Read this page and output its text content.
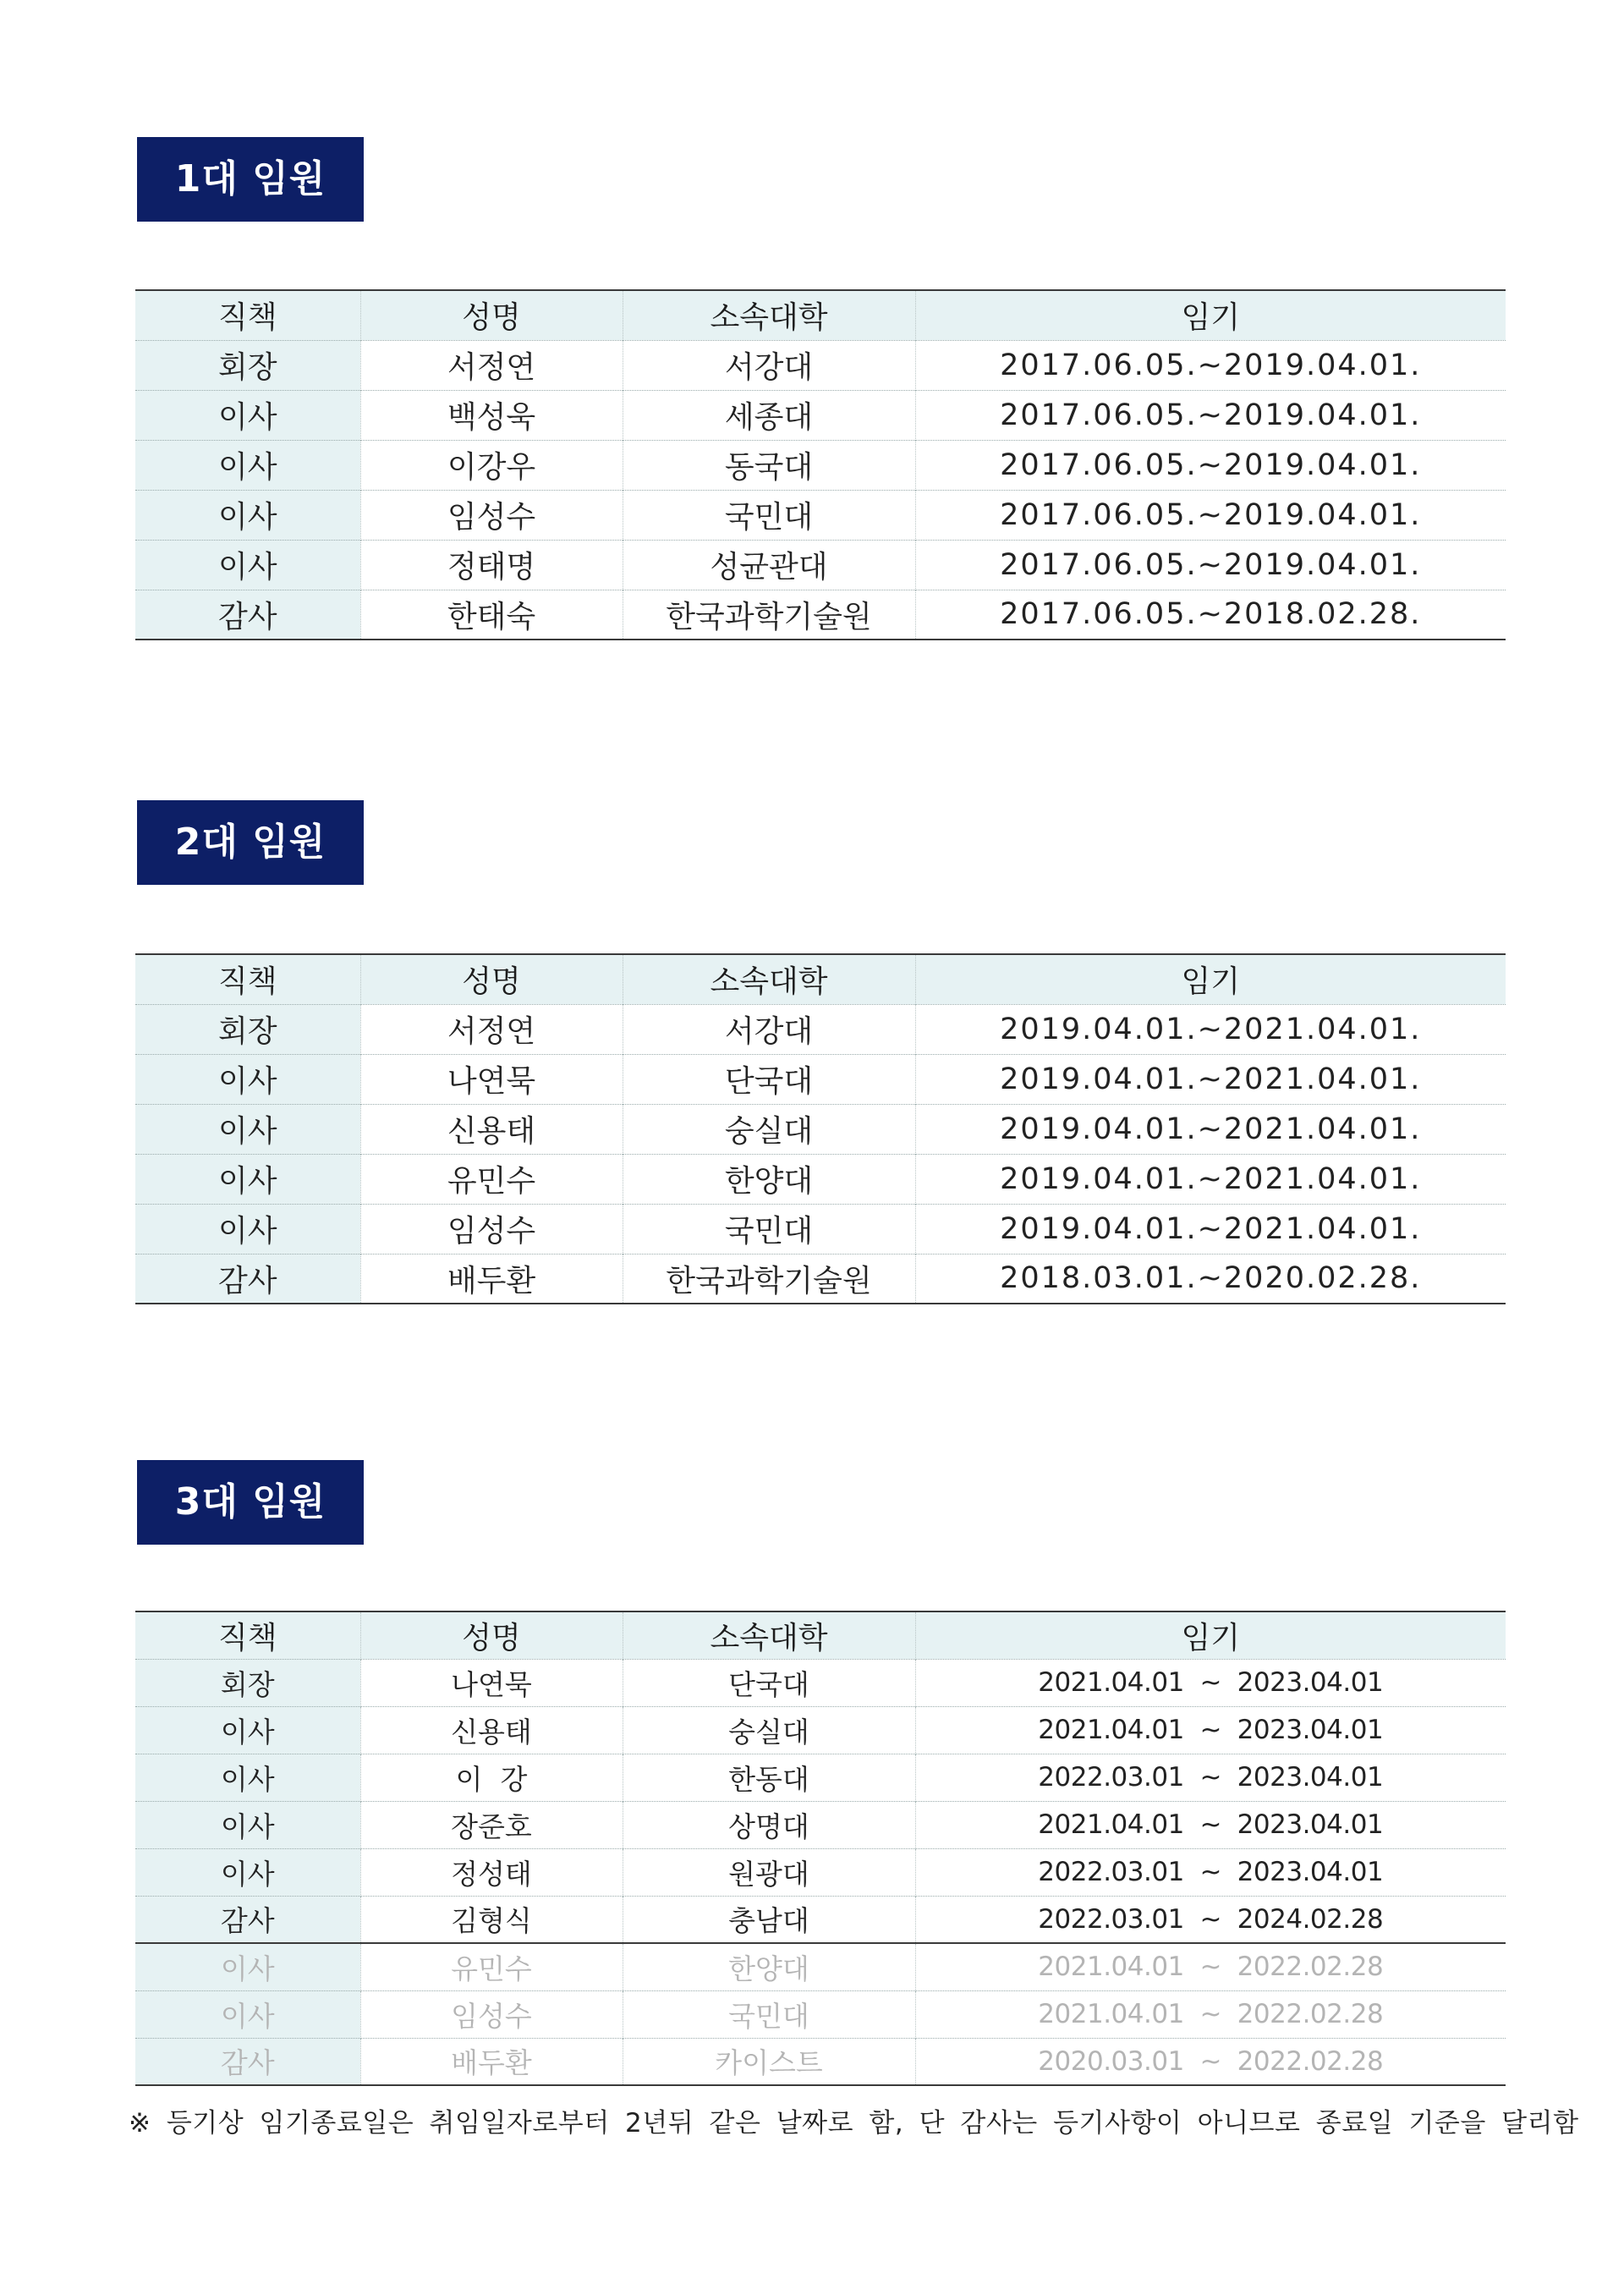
1대 임원
직책	성명	소속대학	임기
회장	서정연	서강대	2017.06.05.~2019.04.01.
이사	백성욱	세종대	2017.06.05.~2019.04.01.
이사	이강우	동국대	2017.06.05.~2019.04.01.
이사	임성수	국민대	2017.06.05.~2019.04.01.
이사	정태명	성균관대	2017.06.05.~2019.04.01.
감사	한태숙	한국과학기술원	2017.06.05.~2018.02.28.
2대 임원
직책	성명	소속대학	임기
회장	서정연	서강대	2019.04.01.~2021.04.01.
이사	나연묵	단국대	2019.04.01.~2021.04.01.
이사	신용태	숭실대	2019.04.01.~2021.04.01.
이사	유민수	한양대	2019.04.01.~2021.04.01.
이사	임성수	국민대	2019.04.01.~2021.04.01.
감사	배두환	한국과학기술원	2018.03.01.~2020.02.28.
3대 임원
직책	성명	소속대학	임기
회장	나연묵	단국대	2021.04.01  ~  2023.04.01
이사	신용태	숭실대	2021.04.01  ~  2023.04.01
이사	이  강	한동대	2022.03.01  ~  2023.04.01
이사	장준호	상명대	2021.04.01  ~  2023.04.01
이사	정성태	원광대	2022.03.01  ~  2023.04.01
감사	김형식	충남대	2022.03.01  ~  2024.02.28
이사	유민수	한양대	2021.04.01  ~  2022.02.28
이사	임성수	국민대	2021.04.01  ~  2022.02.28
감사	배두환	카이스트	2020.03.01  ~  2022.02.28
※ 등기상 임기종료일은 취임일자로부터 2년뒤 같은 날짜로 함, 단 감사는 등기사항이 아니므로 종료일 기준을 달리함
